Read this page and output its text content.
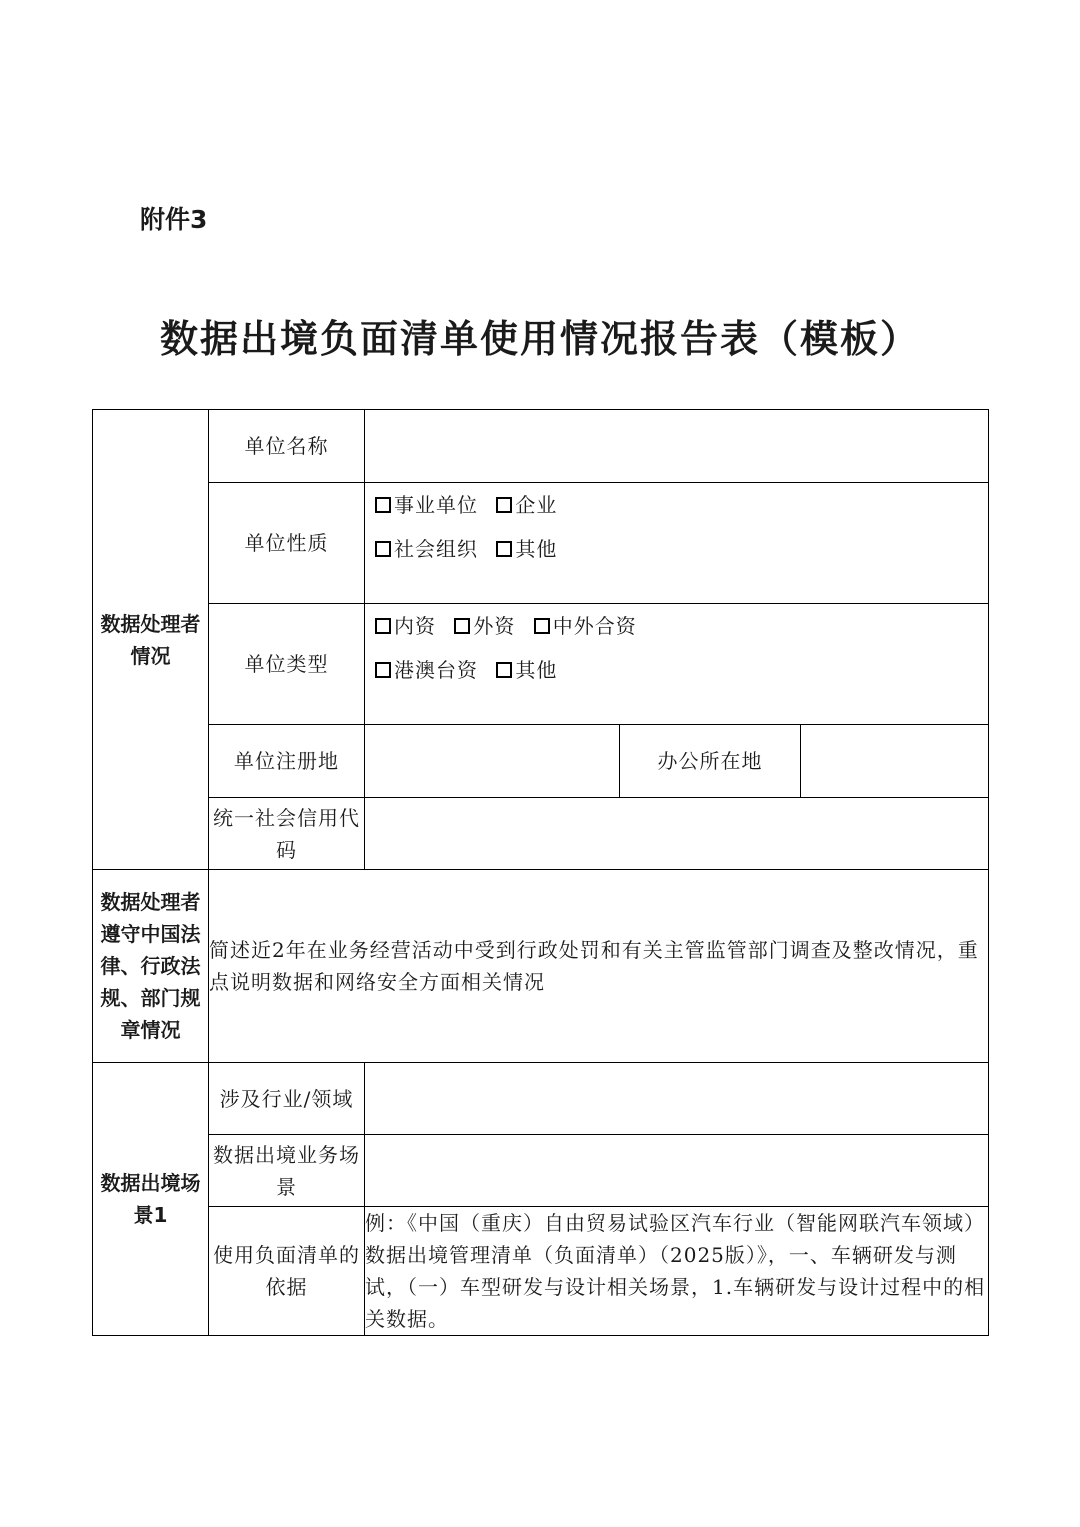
附件3
数据出境负面清单使用情况报告表（模板）
数据处理者情况	单位名称			
	单位性质	事业单位 企业
社会组织 其他		

	单位类型	内资 外资 中外合资
港澳台资 其他		

	单位注册地		办公所在地	
	统一社会信用代码			
数据处理者遵守中国法律、行政法规、部门规章情况	简述近2年在业务经营活动中受到行政处罚和有关主管监管部门调查及整改情况，重点说明数据和网络安全方面相关情况			
数据出境场景1	涉及行业/领域			
	数据出境业务场景			
	使用负面清单的依据	例：《中国（重庆）自由贸易试验区汽车行业（智能网联汽车领域）数据出境管理清单（负面清单）（2025版）》，一、车辆研发与测试，（一）车型研发与设计相关场景，1.车辆研发与设计过程中的相关数据。		
